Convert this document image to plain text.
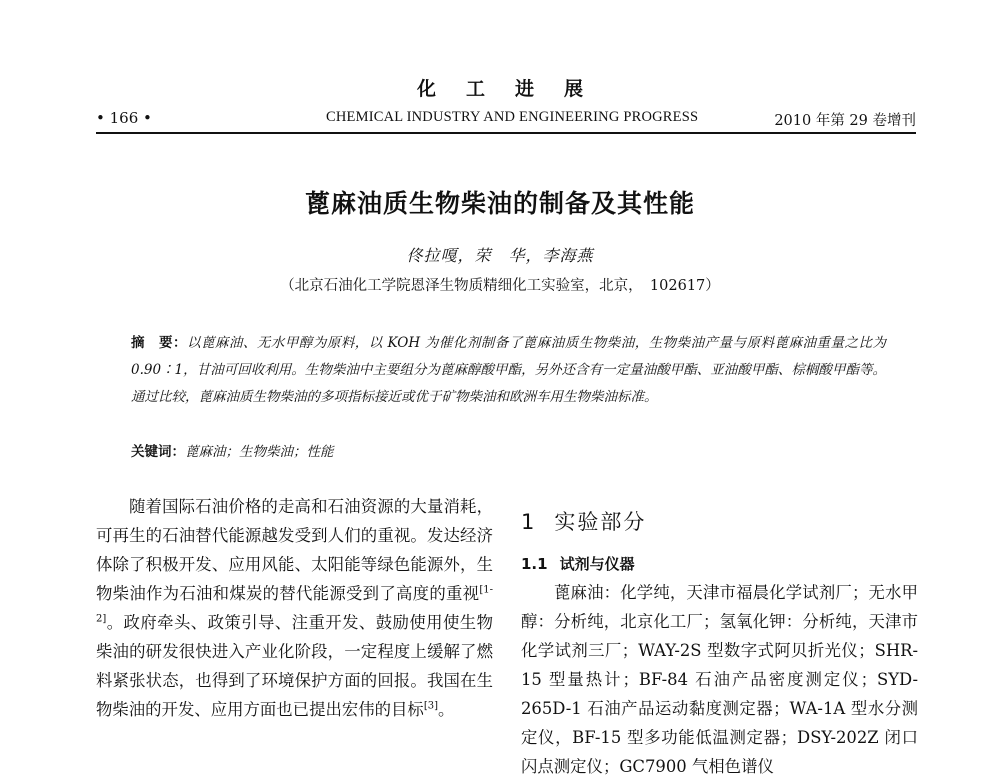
化工进展
• 166 •	CHEMICAL INDUSTRY AND ENGINEERING PROGRESS	2010 年第 29 卷增刊
蓖麻油质生物柴油的制备及其性能
佟拉嘎，荣　华，李海燕
（北京石油化工学院恩泽生物质精细化工实验室，北京，　102617）
摘　要：以蓖麻油、无水甲醇为原料，以 KOH 为催化剂制备了蓖麻油质生物柴油，生物柴油产量与原料蓖麻油重量之比为 0.90∶1，甘油可回收利用。生物柴油中主要组分为蓖麻醇酸甲酯，另外还含有一定量油酸甲酯、亚油酸甲酯、棕榈酸甲酯等。通过比较，蓖麻油质生物柴油的多项指标接近或优于矿物柴油和欧洲车用生物柴油标准。
关键词：蓖麻油；生物柴油；性能

随着国际石油价格的走高和石油资源的大量消耗，可再生的石油替代能源越发受到人们的重视。发达经济体除了积极开发、应用风能、太阳能等绿色能源外，生物柴油作为石油和煤炭的替代能源受到了高度的重视[1-2]。政府牵头、政策引导、注重开发、鼓励使用使生物柴油的研发很快进入产业化阶段，一定程度上缓解了燃料紧张状态，也得到了环境保护方面的回报。我国在生物柴油的开发、应用方面也已提出宏伟的目标[3]。

1 实验部分
1.1 试剂与仪器

蓖麻油：化学纯，天津市福晨化学试剂厂；无水甲醇：分析纯，北京化工厂；氢氧化钾：分析纯，天津市化学试剂三厂；WAY-2S 型数字式阿贝折光仪；SHR-15 型量热计；BF-84 石油产品密度测定仪；SYD-265D-1 石油产品运动黏度测定器；WA-1A 型水分测定仪，BF-15 型多功能低温测定器；DSY-202Z 闭口闪点测定仪；GC7900 气相色谱仪
